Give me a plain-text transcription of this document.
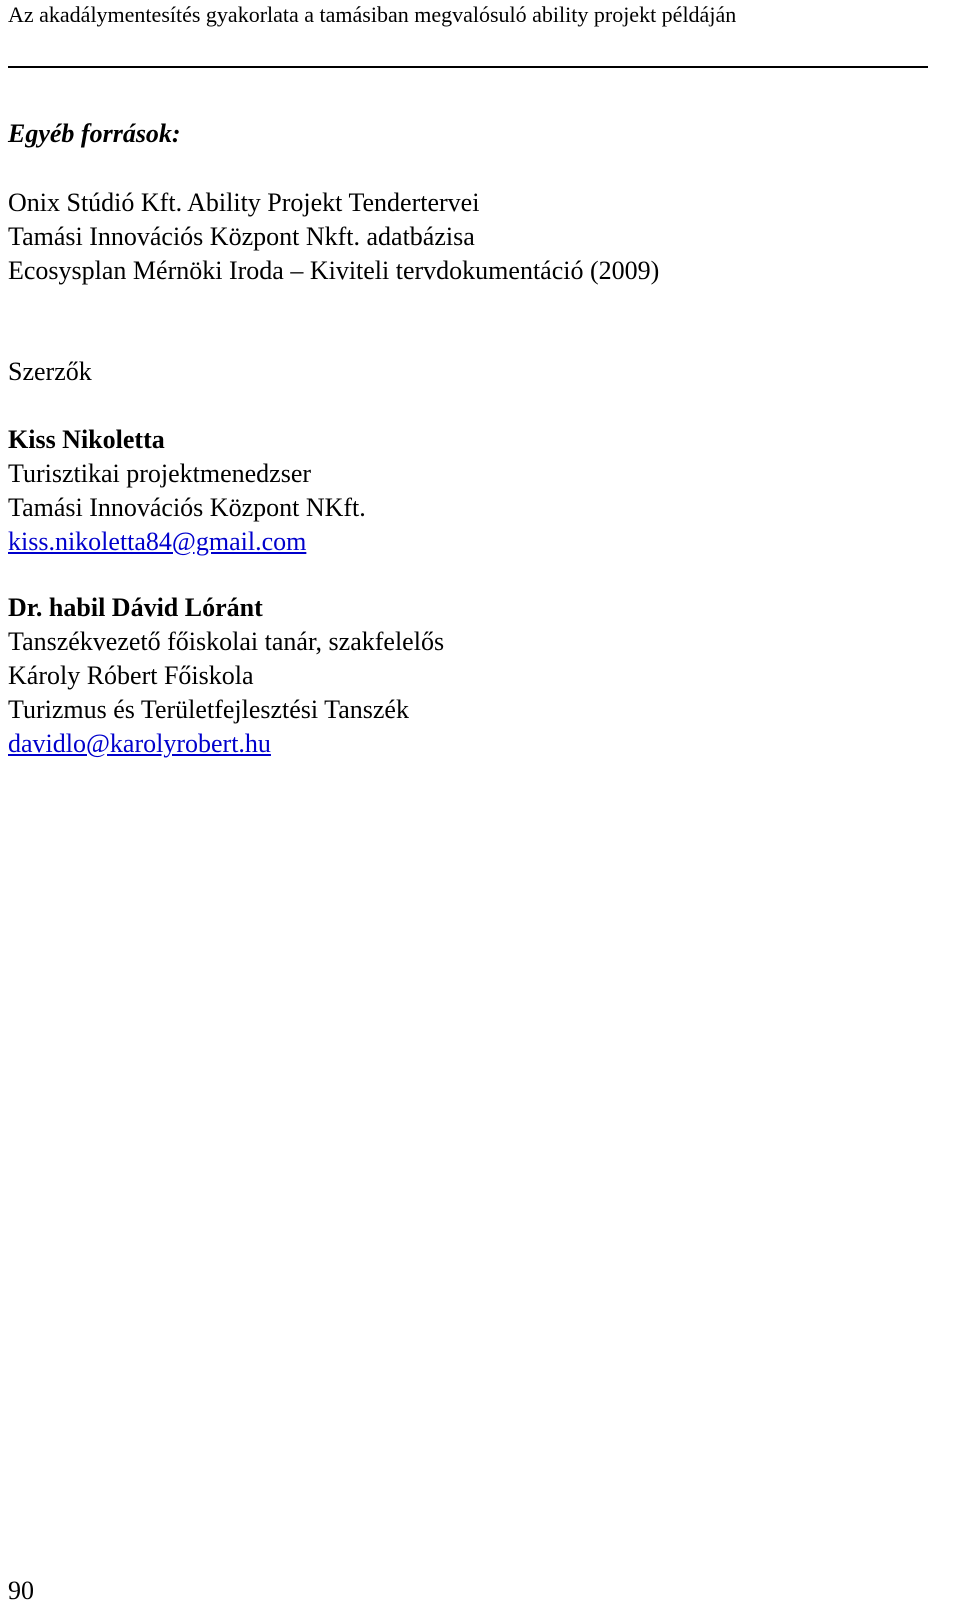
Az akadálymentesítés gyakorlata a tamásiban megvalósuló ability projekt példáján
Egyéb források:
Onix Stúdió Kft. Ability Projekt Tendertervei
Tamási Innovációs Központ Nkft. adatbázisa
Ecosysplan Mérnöki Iroda – Kiviteli tervdokumentáció (2009)
Szerzők
Kiss Nikoletta
Turisztikai projektmenedzser
Tamási Innovációs Központ NKft.
kiss.nikoletta84@gmail.com
Dr. habil Dávid Lóránt
Tanszékvezető főiskolai tanár, szakfelelős
Károly Róbert Főiskola
Turizmus és Területfejlesztési Tanszék
davidlo@karolyrobert.hu
90
